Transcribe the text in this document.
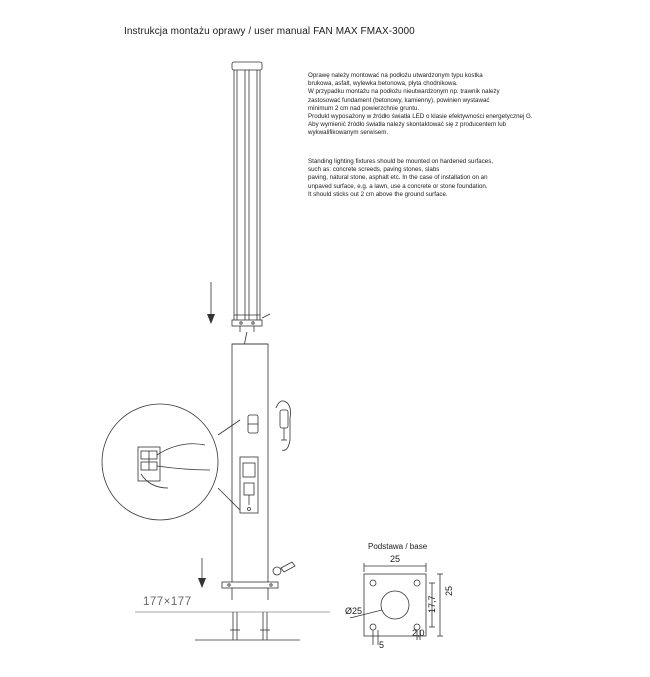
Instrukcja montażu oprawy / user manual FAN MAX FMAX-3000
Oprawę należy montować na podłożu utwardzonym typu kostka
brukowa, asfalt, wylewka betonowa, płyta chodnikowa.
W przypadku montażu na podłożu nieutwardzonym np. trawnik należy
zastosować fundament (betonowy, kamienny), powinien wystawać
minimum 2 cm nad powierzchnie gruntu.
Produkt wyposażony w źródło światła LED o klasie efektywności energetycznej G.
Aby wymienić źródło światła należy skontaktować się z producentem lub
wykwalifikowanym serwisem.
Standing lighting fixtures should be mounted on hardened surfaces,
such as: concrete screeds, paving stones, slabs
paving, natural stone, asphalt etc. In the case of installation on an
unpaved surface, e.g. a lawn, use a concrete or stone foundation.
It should sticks out 2 cm above the ground surface.
177×177
Podstawa / base
25
25
17,7
Ø25
5
2,0
